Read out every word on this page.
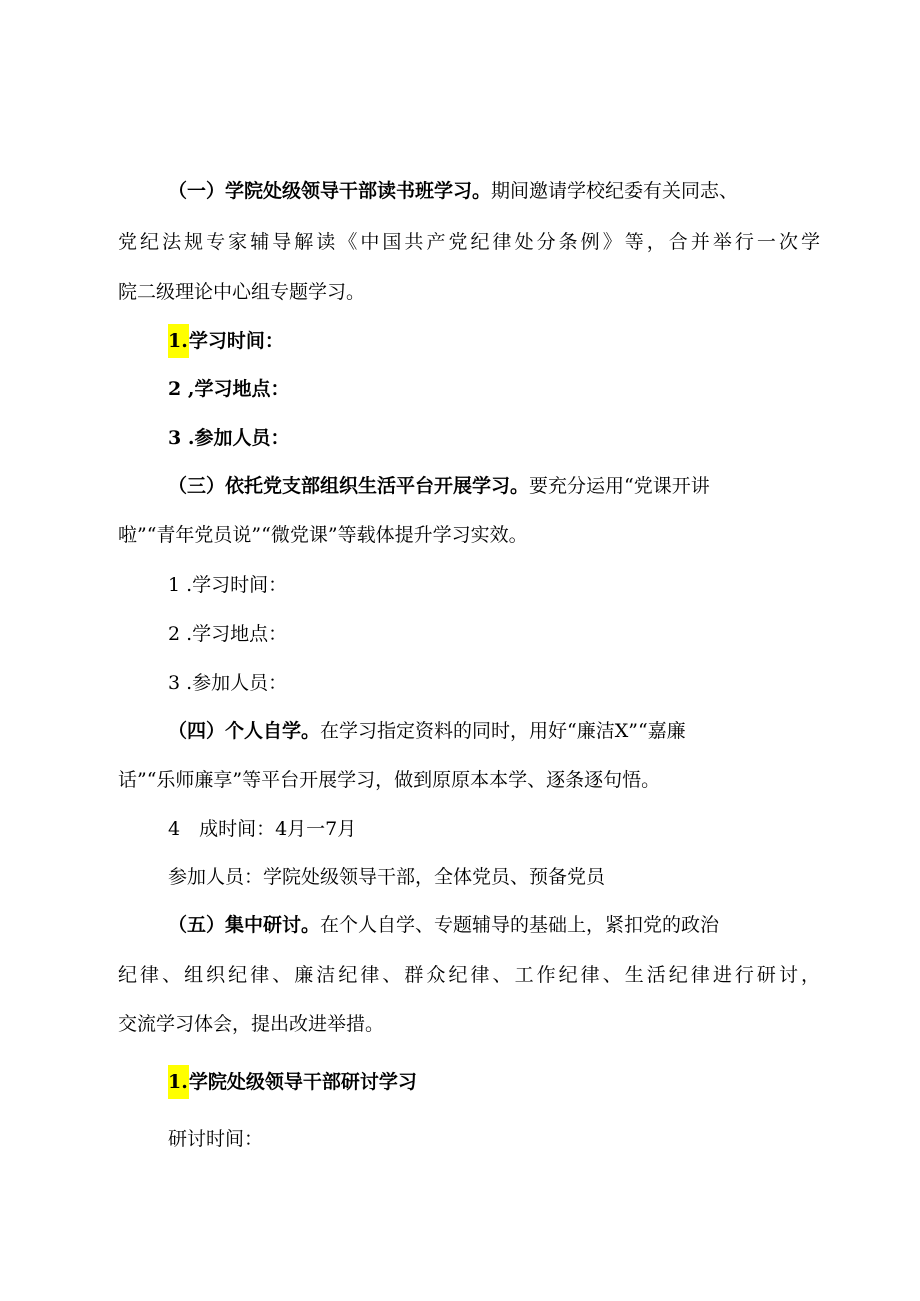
（一）学院处级领导干部读书班学习。期间邀请学校纪委有关同志、
党纪法规专家辅导解读《中国共产党纪律处分条例》等，合并举行一次学
院二级理论中心组专题学习。
1.学习时间：
2 ,学习地点：
3 .参加人员：
（三）依托党支部组织生活平台开展学习。要充分运用“党课开讲
啦”“青年党员说”“微党课”等载体提升学习实效。
1 .学习时间：
2 .学习地点：
3 .参加人员：
（四）个人自学。在学习指定资料的同时，用好“廉洁X”“嘉廉
话”“乐师廉享”等平台开展学习，做到原原本本学、逐条逐句悟。
4　成时间：4月一7月
参加人员：学院处级领导干部，全体党员、预备党员
（五）集中研讨。在个人自学、专题辅导的基础上，紧扣党的政治
纪律、组织纪律、廉洁纪律、群众纪律、工作纪律、生活纪律进行研讨，
交流学习体会，提出改进举措。
1.学院处级领导干部研讨学习
研讨时间：
